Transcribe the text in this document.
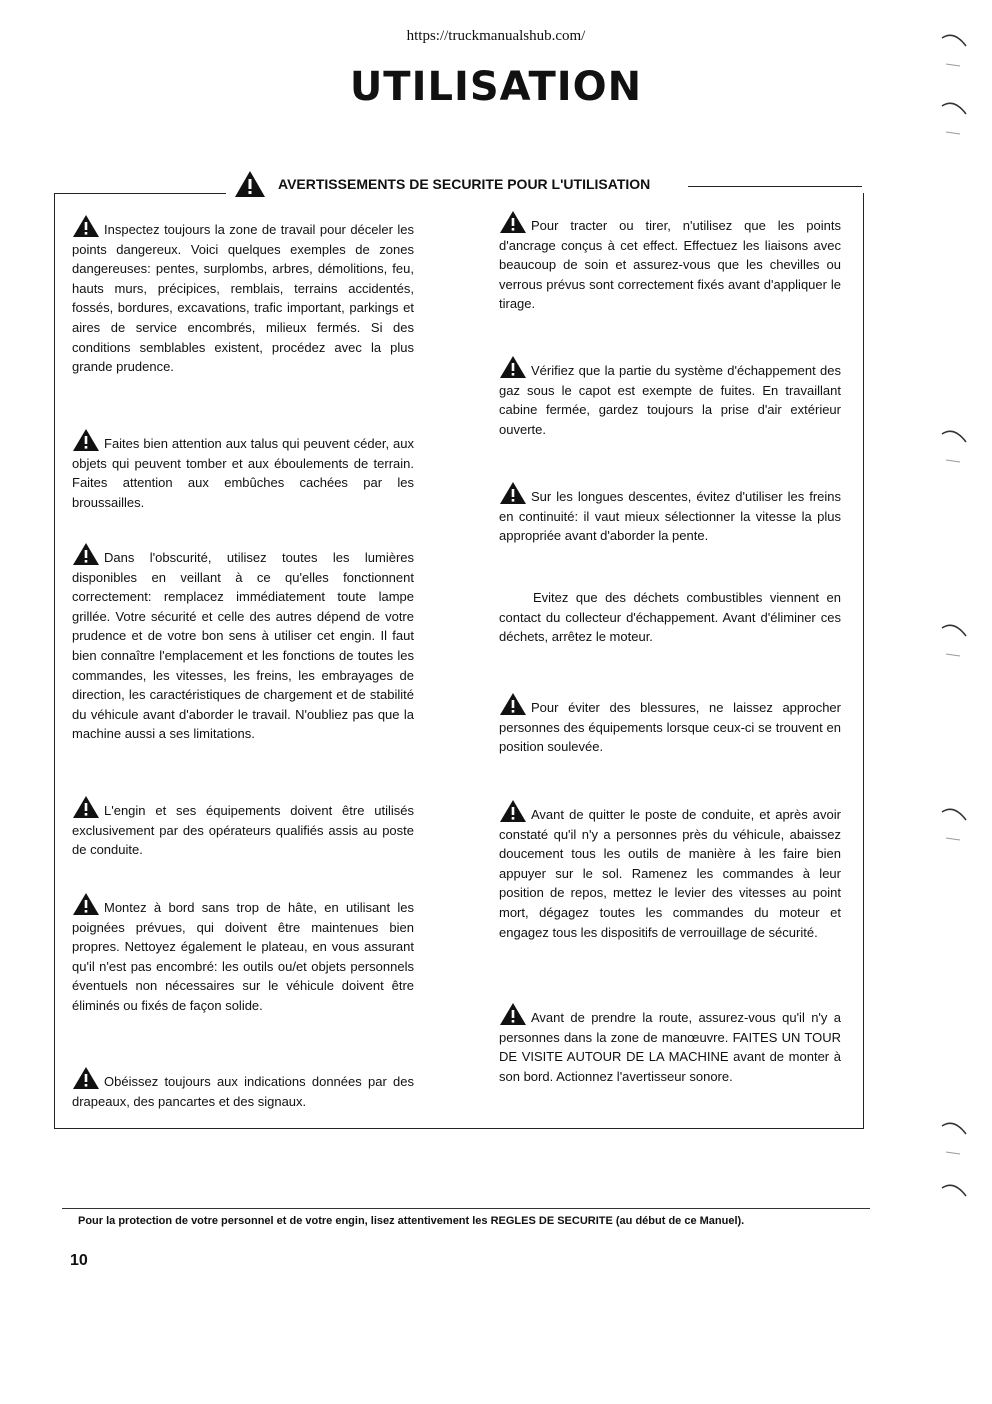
https://truckmanualshub.com/
UTILISATION
AVERTISSEMENTS DE SECURITE POUR L'UTILISATION
Inspectez toujours la zone de travail pour déceler les points dangereux. Voici quelques exemples de zones dangereuses: pentes, surplombs, arbres, démolitions, feu, hauts murs, précipices, remblais, terrains accidentés, fossés, bordures, excavations, trafic important, parkings et aires de service encombrés, milieux fermés. Si des conditions semblables existent, procédez avec la plus grande prudence.
Faites bien attention aux talus qui peuvent céder, aux objets qui peuvent tomber et aux éboulements de terrain. Faites attention aux embûches cachées par les broussailles.
Dans l'obscurité, utilisez toutes les lumières disponibles en veillant à ce qu'elles fonctionnent correctement: remplacez immédiatement toute lampe grillée. Votre sécurité et celle des autres dépend de votre prudence et de votre bon sens à utiliser cet engin. Il faut bien connaître l'emplacement et les fonctions de toutes les commandes, les vitesses, les freins, les embrayages de direction, les caractéristiques de chargement et de stabilité du véhicule avant d'aborder le travail. N'oubliez pas que la machine aussi a ses limitations.
L'engin et ses équipements doivent être utilisés exclusivement par des opérateurs qualifiés assis au poste de conduite.
Montez à bord sans trop de hâte, en utilisant les poignées prévues, qui doivent être maintenues bien propres. Nettoyez également le plateau, en vous assurant qu'il n'est pas encombré: les outils ou/et objets personnels éventuels non nécessaires sur le véhicule doivent être éliminés ou fixés de façon solide.
Obéissez toujours aux indications données par des drapeaux, des pancartes et des signaux.
Pour tracter ou tirer, n'utilisez que les points d'ancrage conçus à cet effect. Effectuez les liaisons avec beaucoup de soin et assurez-vous que les chevilles ou verrous prévus sont correctement fixés avant d'appliquer le tirage.
Vérifiez que la partie du système d'échappement des gaz sous le capot est exempte de fuites. En travaillant cabine fermée, gardez toujours la prise d'air extérieur ouverte.
Sur les longues descentes, évitez d'utiliser les freins en continuité: il vaut mieux sélectionner la vitesse la plus appropriée avant d'aborder la pente.
Evitez que des déchets combustibles viennent en contact du collecteur d'échappement. Avant d'éliminer ces déchets, arrêtez le moteur.
Pour éviter des blessures, ne laissez approcher personnes des équipements lorsque ceux-ci se trouvent en position soulevée.
Avant de quitter le poste de conduite, et après avoir constaté qu'il n'y a personnes près du véhicule, abaissez doucement tous les outils de manière à les faire bien appuyer sur le sol. Ramenez les commandes à leur position de repos, mettez le levier des vitesses au point mort, dégagez toutes les commandes du moteur et engagez tous les dispositifs de verrouillage de sécurité.
Avant de prendre la route, assurez-vous qu'il n'y a personnes dans la zone de manœuvre. FAITES UN TOUR DE VISITE AUTOUR DE LA MACHINE avant de monter à son bord. Actionnez l'avertisseur sonore.
Pour la protection de votre personnel et de votre engin, lisez attentivement les REGLES DE SECURITE (au début de ce Manuel).
10
